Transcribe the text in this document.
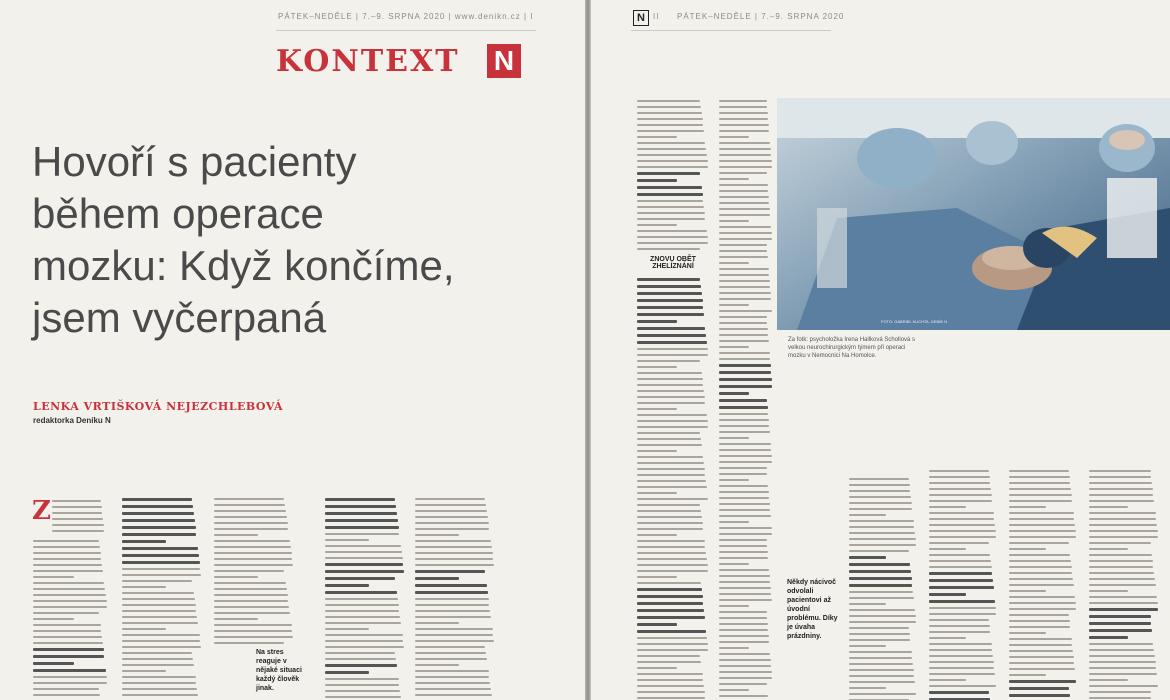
PÁTEK–NEDĚLE | 7.–9. SRPNA 2020 | www.denikn.cz | I
KONTEXT N
Hovoří s pacienty
během operace
mozku: Když končíme,
jsem vyčerpaná
LENKA VRTIŠKOVÁ NEJEZCHLEBOVÁ
redaktorka Deníku N
Z
Na stres reaguje v nějaké situaci každý člověk jinak.
N	II PÁTEK–NEDĚLE | 7.–9. SRPNA 2020
ZNOVU OBĚT ZHELÍZNÁNÍ
FOTO: GABRIEL KUCHTA, DENÍK N
Za fotk: psycholožka Irena Hallková Schollová s velkou neurochirurgickým týmem při operaci mozku v Nemocnici Na Homolce.
Někdy nácivoč odvolali pacientovi až úvodní problému. Díky je úvaha prázdniny.
